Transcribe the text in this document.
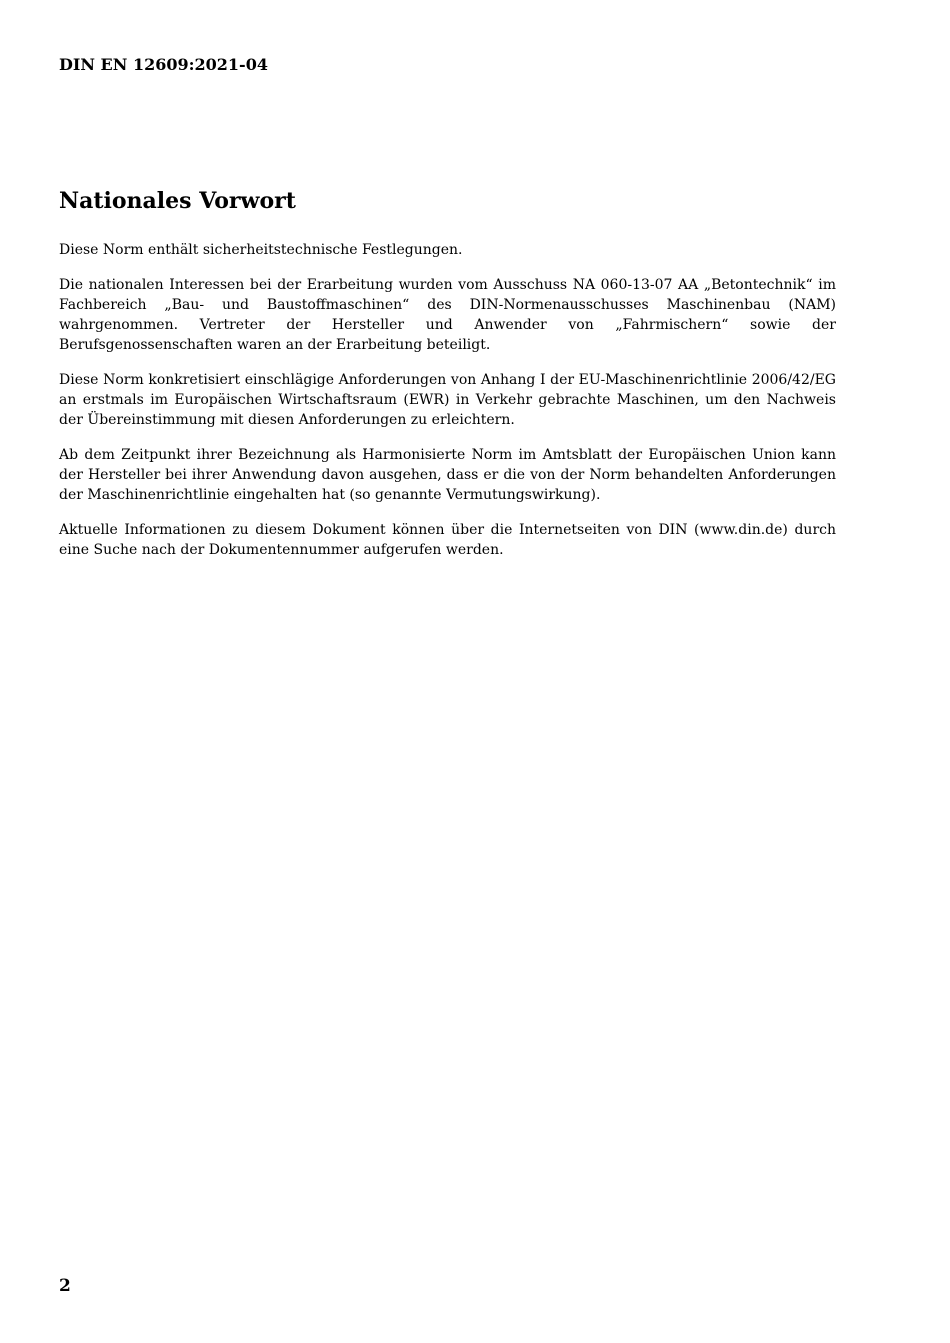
DIN EN 12609:2021-04
Nationales Vorwort

Diese Norm enthält sicherheitstechnische Festlegungen.

Die nationalen Interessen bei der Erarbeitung wurden vom Ausschuss NA 060-13-07 AA „Betontechnik“ im Fachbereich „Bau- und Baustoffmaschinen“ des DIN-Normenausschusses Maschinenbau (NAM) wahrgenommen. Vertreter der Hersteller und Anwender von „Fahrmischern“ sowie der Berufsgenossenschaften waren an der Erarbeitung beteiligt.

Diese Norm konkretisiert einschlägige Anforderungen von Anhang I der EU-Maschinenrichtlinie 2006/42/EG an erstmals im Europäischen Wirtschaftsraum (EWR) in Verkehr gebrachte Maschinen, um den Nachweis der Übereinstimmung mit diesen Anforderungen zu erleichtern.

Ab dem Zeitpunkt ihrer Bezeichnung als Harmonisierte Norm im Amtsblatt der Europäischen Union kann der Hersteller bei ihrer Anwendung davon ausgehen, dass er die von der Norm behandelten Anforderungen der Maschinenrichtlinie eingehalten hat (so genannte Vermutungswirkung).

Aktuelle Informationen zu diesem Dokument können über die Internetseiten von DIN (www.din.de) durch eine Suche nach der Dokumentennummer aufgerufen werden.

2
